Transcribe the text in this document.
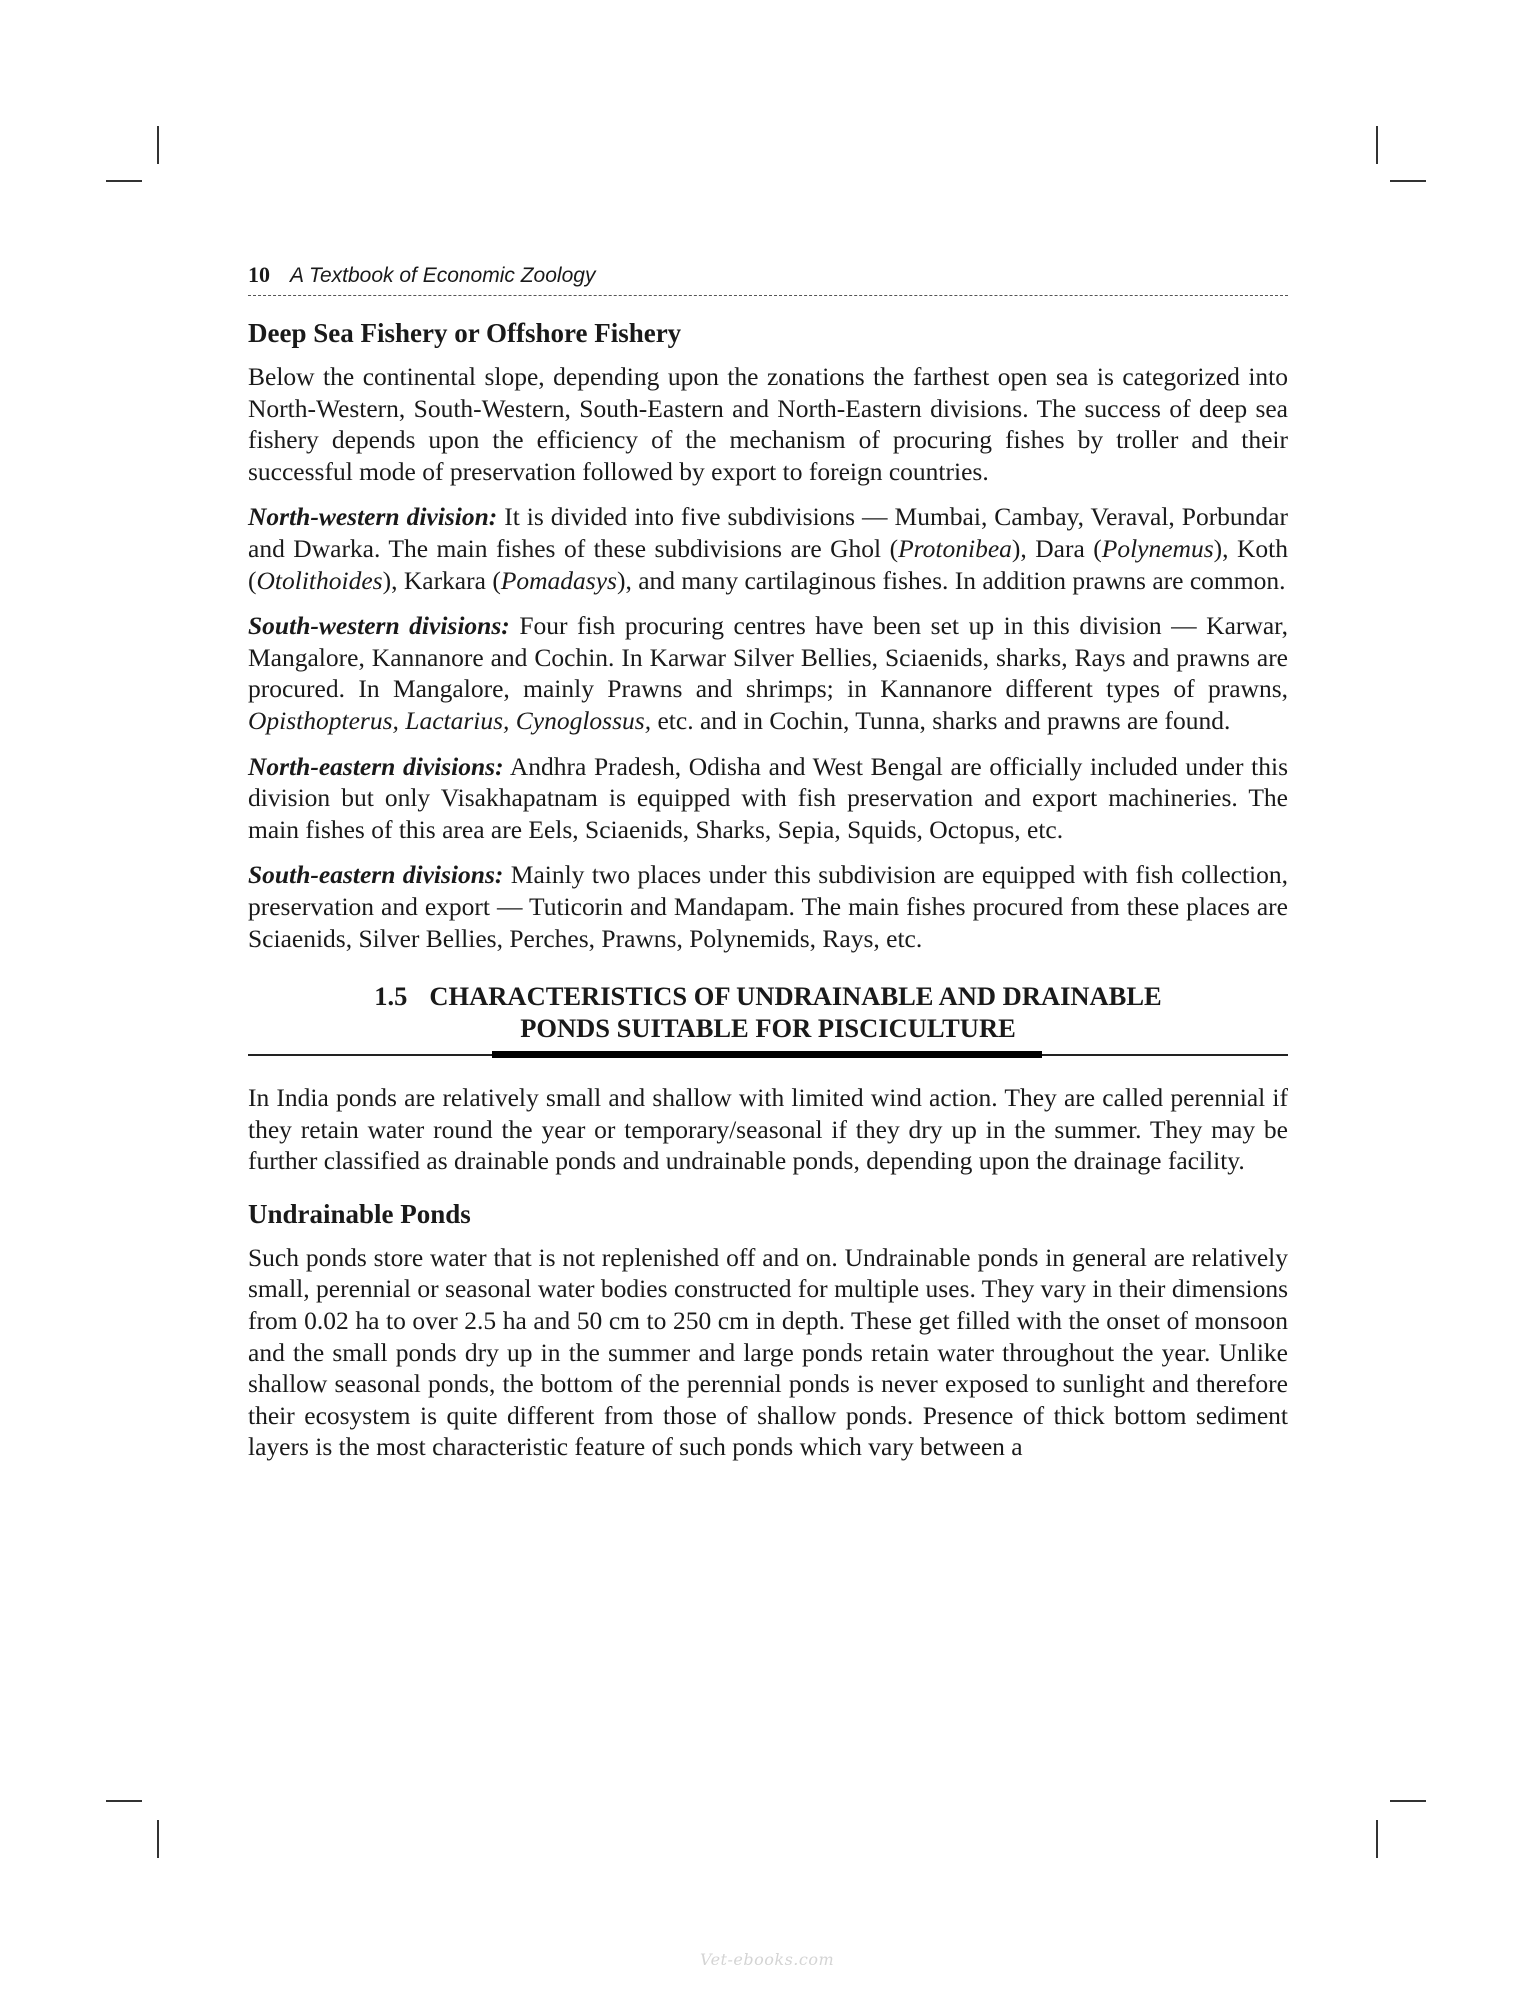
10 A Textbook of Economic Zoology
Deep Sea Fishery or Offshore Fishery

Below the continental slope, depending upon the zonations the farthest open sea is categorized into North-Western, South-Western, South-Eastern and North-Eastern divisions. The success of deep sea fishery depends upon the efficiency of the mechanism of procuring fishes by troller and their successful mode of preservation followed by export to foreign countries.

North-western division: It is divided into five subdivisions — Mumbai, Cambay, Veraval, Porbundar and Dwarka. The main fishes of these subdivisions are Ghol (Protonibea), Dara (Polynemus), Koth (Otolithoides), Karkara (Pomadasys), and many cartilaginous fishes. In addition prawns are common.

South-western divisions: Four fish procuring centres have been set up in this division — Karwar, Mangalore, Kannanore and Cochin. In Karwar Silver Bellies, Sciaenids, sharks, Rays and prawns are procured. In Mangalore, mainly Prawns and shrimps; in Kannanore different types of prawns, Opisthopterus, Lactarius, Cynoglossus, etc. and in Cochin, Tunna, sharks and prawns are found.

North-eastern divisions: Andhra Pradesh, Odisha and West Bengal are officially included under this division but only Visakhapatnam is equipped with fish preservation and export machineries. The main fishes of this area are Eels, Sciaenids, Sharks, Sepia, Squids, Octopus, etc.

South-eastern divisions: Mainly two places under this subdivision are equipped with fish collection, preservation and export — Tuticorin and Mandapam. The main fishes procured from these places are Sciaenids, Silver Bellies, Perches, Prawns, Polynemids, Rays, etc.

1.5 CHARACTERISTICS OF UNDRAINABLE AND DRAINABLE
PONDS SUITABLE FOR PISCICULTURE

In India ponds are relatively small and shallow with limited wind action. They are called perennial if they retain water round the year or temporary/seasonal if they dry up in the summer. They may be further classified as drainable ponds and undrainable ponds, depending upon the drainage facility.

Undrainable Ponds

Such ponds store water that is not replenished off and on. Undrainable ponds in general are relatively small, perennial or seasonal water bodies constructed for multiple uses. They vary in their dimensions from 0.02 ha to over 2.5 ha and 50 cm to 250 cm in depth. These get filled with the onset of monsoon and the small ponds dry up in the summer and large ponds retain water throughout the year. Unlike shallow seasonal ponds, the bottom of the perennial ponds is never exposed to sunlight and therefore their ecosystem is quite different from those of shallow ponds. Presence of thick bottom sediment layers is the most characteristic feature of such ponds which vary between a

Vet-ebooks.com
